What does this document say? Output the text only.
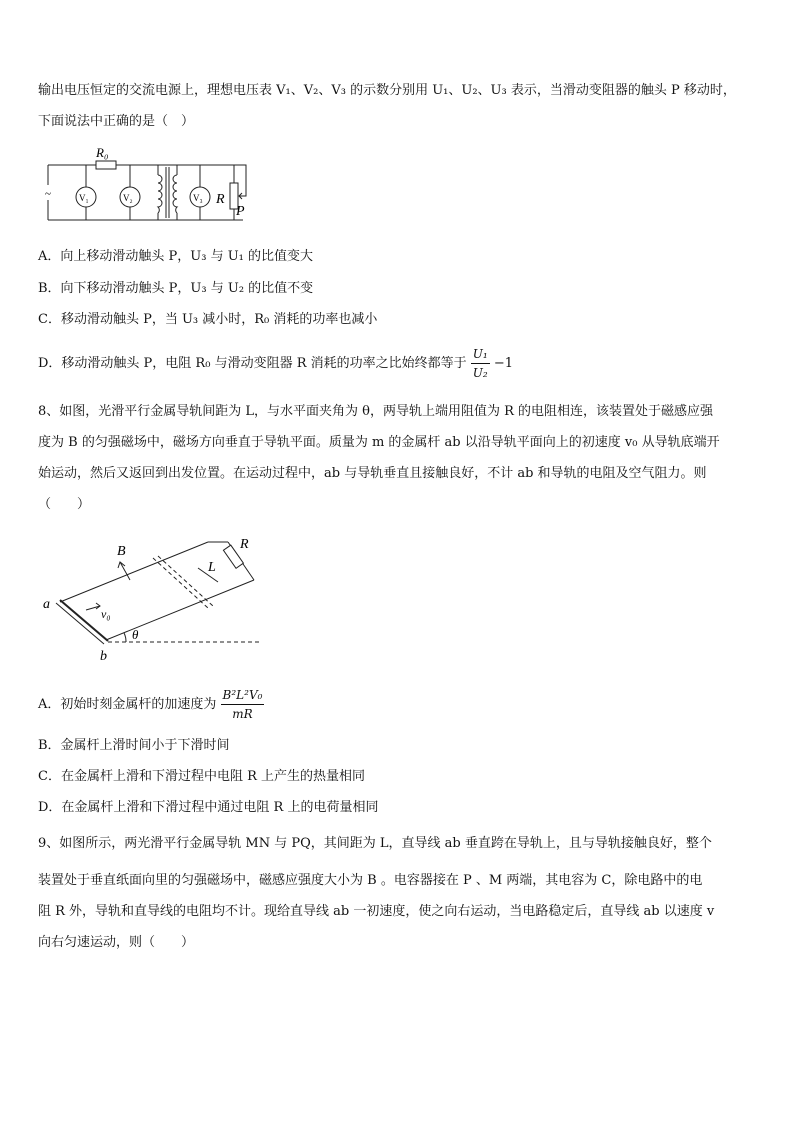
输出电压恒定的交流电源上，理想电压表 V₁、V₂、V₃ 的示数分别用 U₁、U₂、U₃ 表示，当滑动变阻器的触头 P 移动时，
下面说法中正确的是（　）
~
R₀
V₁	V₂	V₃ R
P
A．向上移动滑动触头 P，U₃ 与 U₁ 的比值变大
B．向下移动滑动触头 P，U₃ 与 U₂ 的比值不变
C．移动滑动触头 P，当 U₃ 减小时，R₀ 消耗的功率也减小
D．移动滑动触头 P，电阻 R₀ 与滑动变阻器 R 消耗的功率之比始终都等于 $\frac{\text{U₁}}{\text{U₂}} -1$
8、如图，光滑平行金属导轨间距为 L，与水平面夹角为 θ，两导轨上端用阻值为 R 的电阻相连，该装置处于磁感应强
度为 B 的匀强磁场中，磁场方向垂直于导轨平面。质量为 m 的金属杆 ab 以沿导轨平面向上的初速度 v₀ 从导轨底端开
始运动，然后又返回到出发位置。在运动过程中，ab 与导轨垂直且接触良好，不计 ab 和导轨的电阻及空气阻力。则
（　　）
B	R
L
a
b
v₀
θ
A．初始时刻金属杆的加速度为 $\frac{\text{B²L²V₀}}{mR}$
B．金属杆上滑时间小于下滑时间
C．在金属杆上滑和下滑过程中电阻 R 上产生的热量相同
D．在金属杆上滑和下滑过程中通过电阻 R 上的电荷量相同
9、如图所示，两光滑平行金属导轨 MN 与 PQ，其间距为 L，直导线 ab 垂直跨在导轨上，且与导轨接触良好，整个
装置处于垂直纸面向里的匀强磁场中，磁感应强度大小为 B 。电容器接在 P 、M 两端，其电容为 C，除电路中的电
阻 R 外，导轨和直导线的电阻均不计。现给直导线 ab 一初速度，使之向右运动，当电路稳定后，直导线 ab 以速度 v
向右匀速运动，则（　　）
